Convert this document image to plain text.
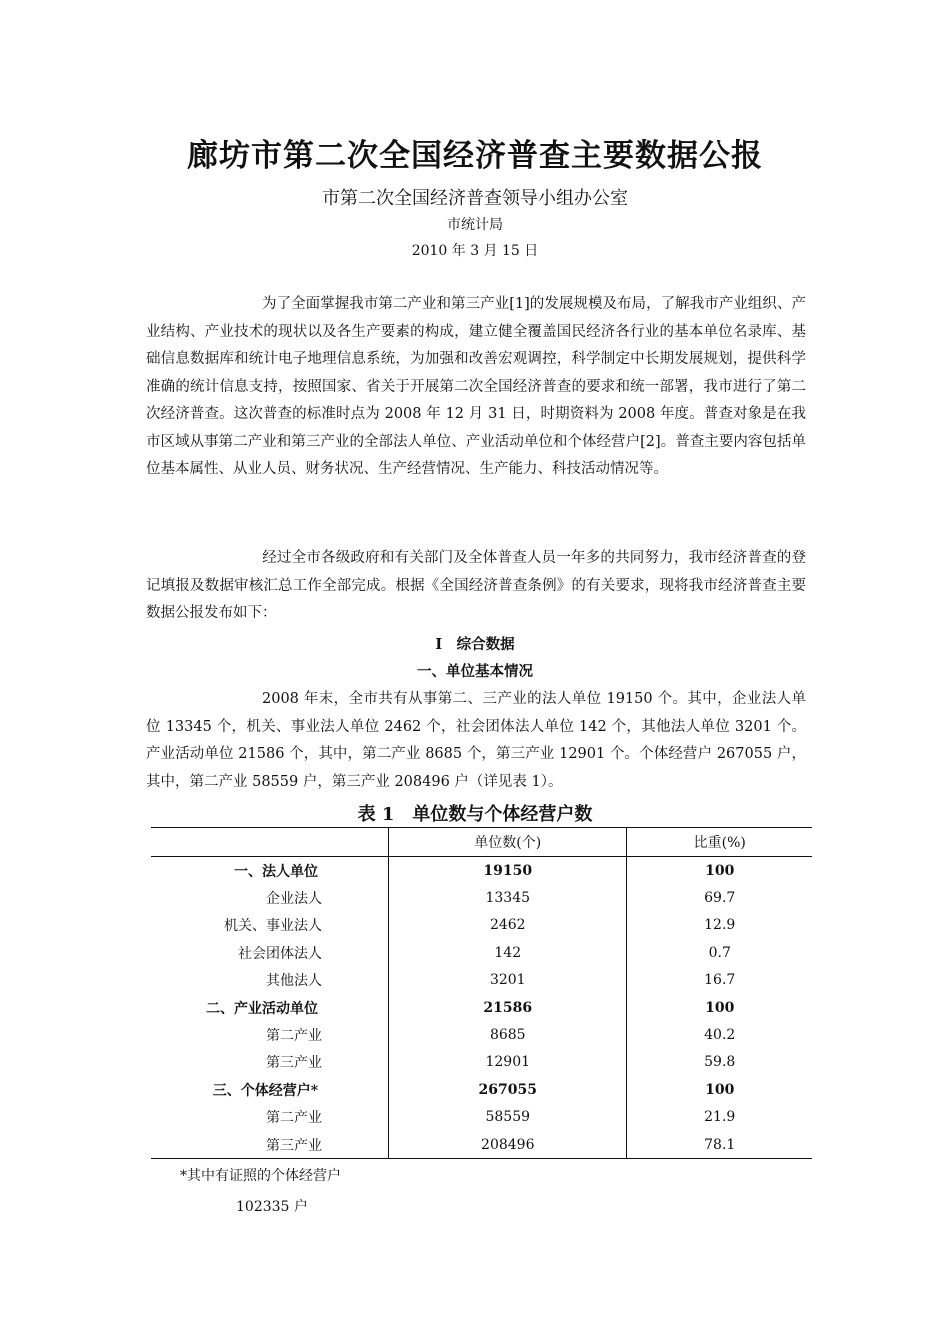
廊坊市第二次全国经济普查主要数据公报
市第二次全国经济普查领导小组办公室
市统计局
2010 年 3 月 15 日
为了全面掌握我市第二产业和第三产业[1]的发展规模及布局，了解我市产业组织、产业结构、产业技术的现状以及各生产要素的构成，建立健全覆盖国民经济各行业的基本单位名录库、基础信息数据库和统计电子地理信息系统，为加强和改善宏观调控，科学制定中长期发展规划，提供科学准确的统计信息支持，按照国家、省关于开展第二次全国经济普查的要求和统一部署，我市进行了第二次经济普查。这次普查的标准时点为 2008 年 12 月 31 日，时期资料为 2008 年度。普查对象是在我市区域从事第二产业和第三产业的全部法人单位、产业活动单位和个体经营户[2]。普查主要内容包括单位基本属性、从业人员、财务状况、生产经营情况、生产能力、科技活动情况等。
经过全市各级政府和有关部门及全体普查人员一年多的共同努力，我市经济普查的登记填报及数据审核汇总工作全部完成。根据《全国经济普查条例》的有关要求，现将我市经济普查主要数据公报发布如下：
Ⅰ　综合数据
一、单位基本情况
2008 年末，全市共有从事第二、三产业的法人单位 19150 个。其中，企业法人单位 13345 个，机关、事业法人单位 2462 个，社会团体法人单位 142 个，其他法人单位 3201 个。产业活动单位 21586 个，其中，第二产业 8685 个，第三产业 12901 个。个体经营户 267055 户，其中，第二产业 58559 户，第三产业 208496 户（详见表 1）。
表 1　单位数与个体经营户数
	单位数(个)	比重(%)
一、法人单位	19150	100
企业法人	13345	69.7
机关、事业法人	2462	12.9
社会团体法人	142	0.7
其他法人	3201	16.7
二、产业活动单位	21586	100
第二产业	8685	40.2
第三产业	12901	59.8
三、个体经营户*	267055	100
第二产业	58559	21.9
第三产业	208496	78.1
*其中有证照的个体经营户
102335 户
